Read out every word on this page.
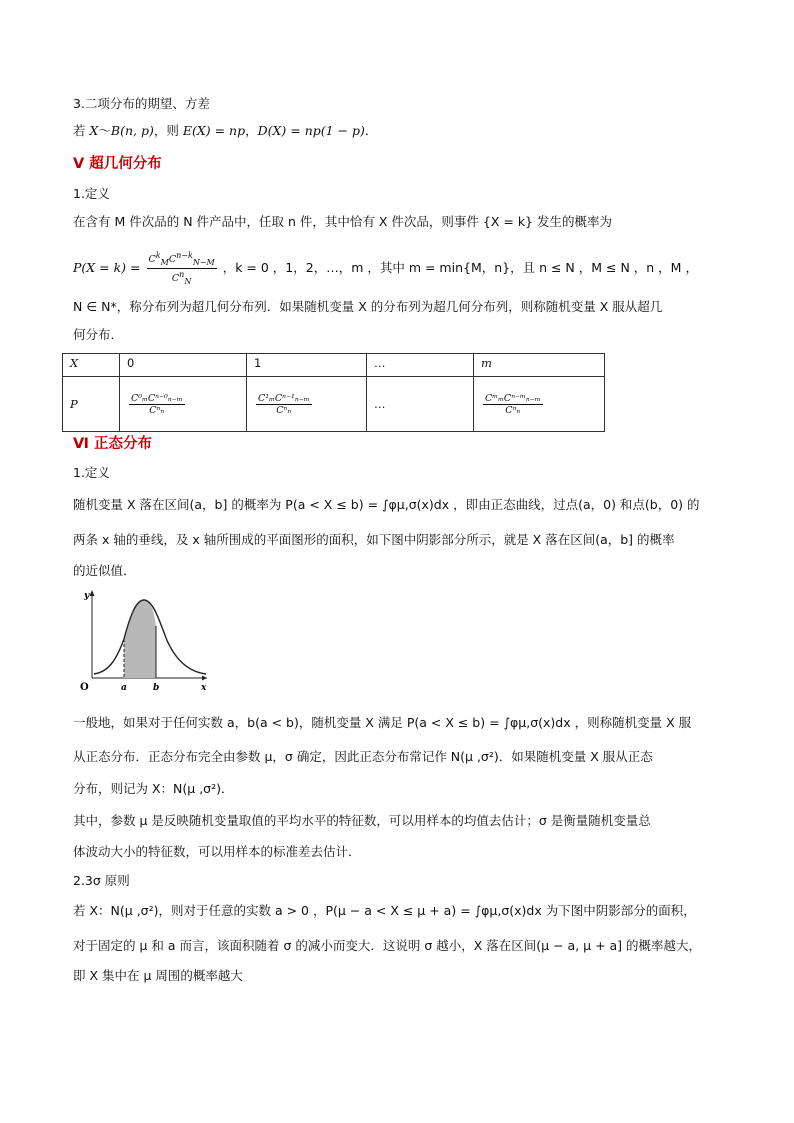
3.二项分布的期望、方差
若 X～B(n, p)，则 E(X) = np，D(X) = np(1 − p)．
Ⅴ 超几何分布
1.定义
在含有 M 件次品的 N 件产品中，任取 n 件，其中恰有 X 件次品，则事件 {X = k} 发生的概率为
$P(X = k) = \frac{C^k_MC^{n-k}_{N-M}}{C^n_N}$ ，k = 0 ，1，2，…，m ，其中 m = min{M，n}，且 n ≤ N ，M ≤ N ，n ，M ，
N ∈ N*，称分布列为超几何分布列．如果随机变量 X 的分布列为超几何分布列，则称随机变量 X 服从超几
何分布．
X	0	1	…	m
P	$\frac{\text{C⁰ₘCⁿ⁻⁰ₙ₋ₘ}}{\text{Cⁿₙ}}$	$\frac{\text{C¹ₘCⁿ⁻¹ₙ₋ₘ}}{\text{Cⁿₙ}}$	…	$\frac{\text{CᵐₘCⁿ⁻ᵐₙ₋ₘ}}{\text{Cⁿₙ}}$
Ⅵ 正态分布
1.定义
随机变量 X 落在区间(a，b] 的概率为 P(a < X ≤ b) = ∫φμ,σ(x)dx ，即由正态曲线，过点(a，0) 和点(b，0) 的
两条 x 轴的垂线，及 x 轴所围成的平面图形的面积，如下图中阴影部分所示，就是 X 落在区间(a，b] 的概率
的近似值．
y
O	a	b	x
一般地，如果对于任何实数 a，b(a < b)，随机变量 X 满足 P(a < X ≤ b) = ∫φμ,σ(x)dx ，则称随机变量 X 服
从正态分布．正态分布完全由参数 μ，σ 确定，因此正态分布常记作 N(μ ,σ²)．如果随机变量 X 服从正态
分布，则记为 X：N(μ ,σ²)．
其中，参数 μ 是反映随机变量取值的平均水平的特征数，可以用样本的均值去估计；σ 是衡量随机变量总
体波动大小的特征数，可以用样本的标准差去估计．
2.3σ 原则
若 X：N(μ ,σ²)，则对于任意的实数 a > 0 ，P(μ − a < X ≤ μ + a) = ∫φμ,σ(x)dx 为下图中阴影部分的面积，
对于固定的 μ 和 a 而言，该面积随着 σ 的减小而变大．这说明 σ 越小，X 落在区间(μ − a, μ + a] 的概率越大，
即 X 集中在 μ 周围的概率越大
